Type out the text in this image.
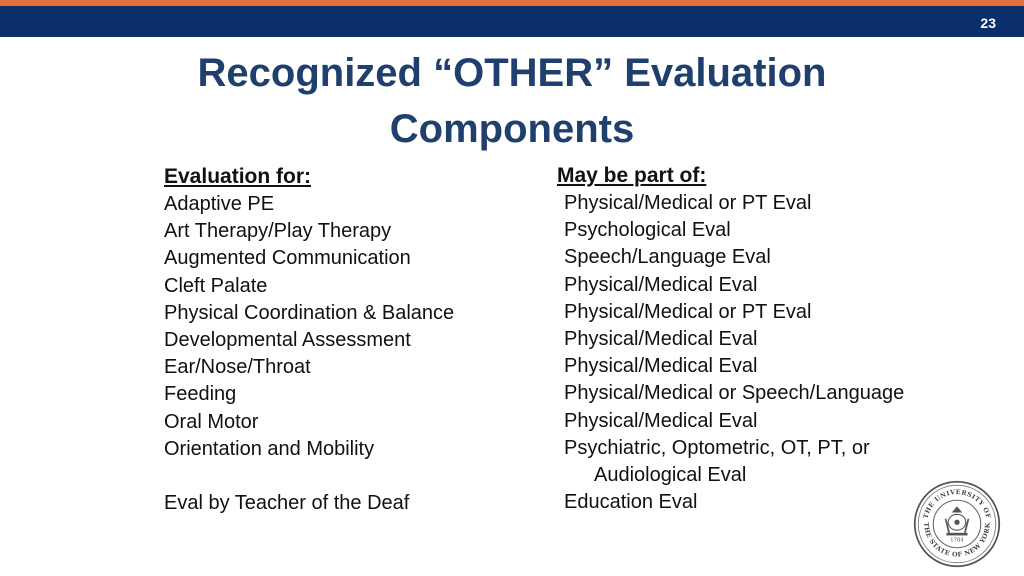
23
Recognized “OTHER” Evaluation
Components
Evaluation for:
Adaptive PE
Art Therapy/Play Therapy
Augmented Communication
Cleft Palate
Physical Coordination & Balance
Developmental Assessment
Ear/Nose/Throat
Feeding
Oral Motor
Orientation and Mobility
Eval by Teacher of the Deaf
May be part of:
Physical/Medical or PT Eval
Psychological Eval
Speech/Language Eval
Physical/Medical Eval
Physical/Medical or PT Eval
Physical/Medical Eval
Physical/Medical Eval
Physical/Medical or Speech/Language
Physical/Medical Eval
Psychiatric, Optometric, OT, PT, or
Audiological Eval
Education Eval
THE UNIVERSITY OF
THE STATE OF NEW YORK
1784
